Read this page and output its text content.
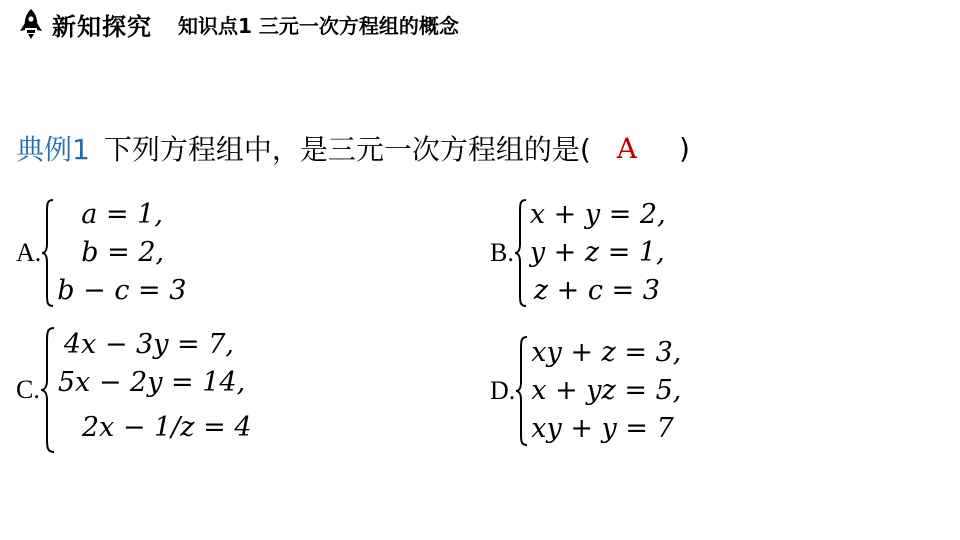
新知探究 知识点1 三元一次方程组的概念
典例1 下列方程组中，是三元一次方程组的是( A )
A.
a = 1,
b = 2,
b − c = 3
B.
x + y = 2,
y + z = 1,
z + c = 3
C.
4x − 3y = 7,
5x − 2y = 14,
2x − 1/z = 4
D.
xy + z = 3,
x + yz = 5,
xy + y = 7
